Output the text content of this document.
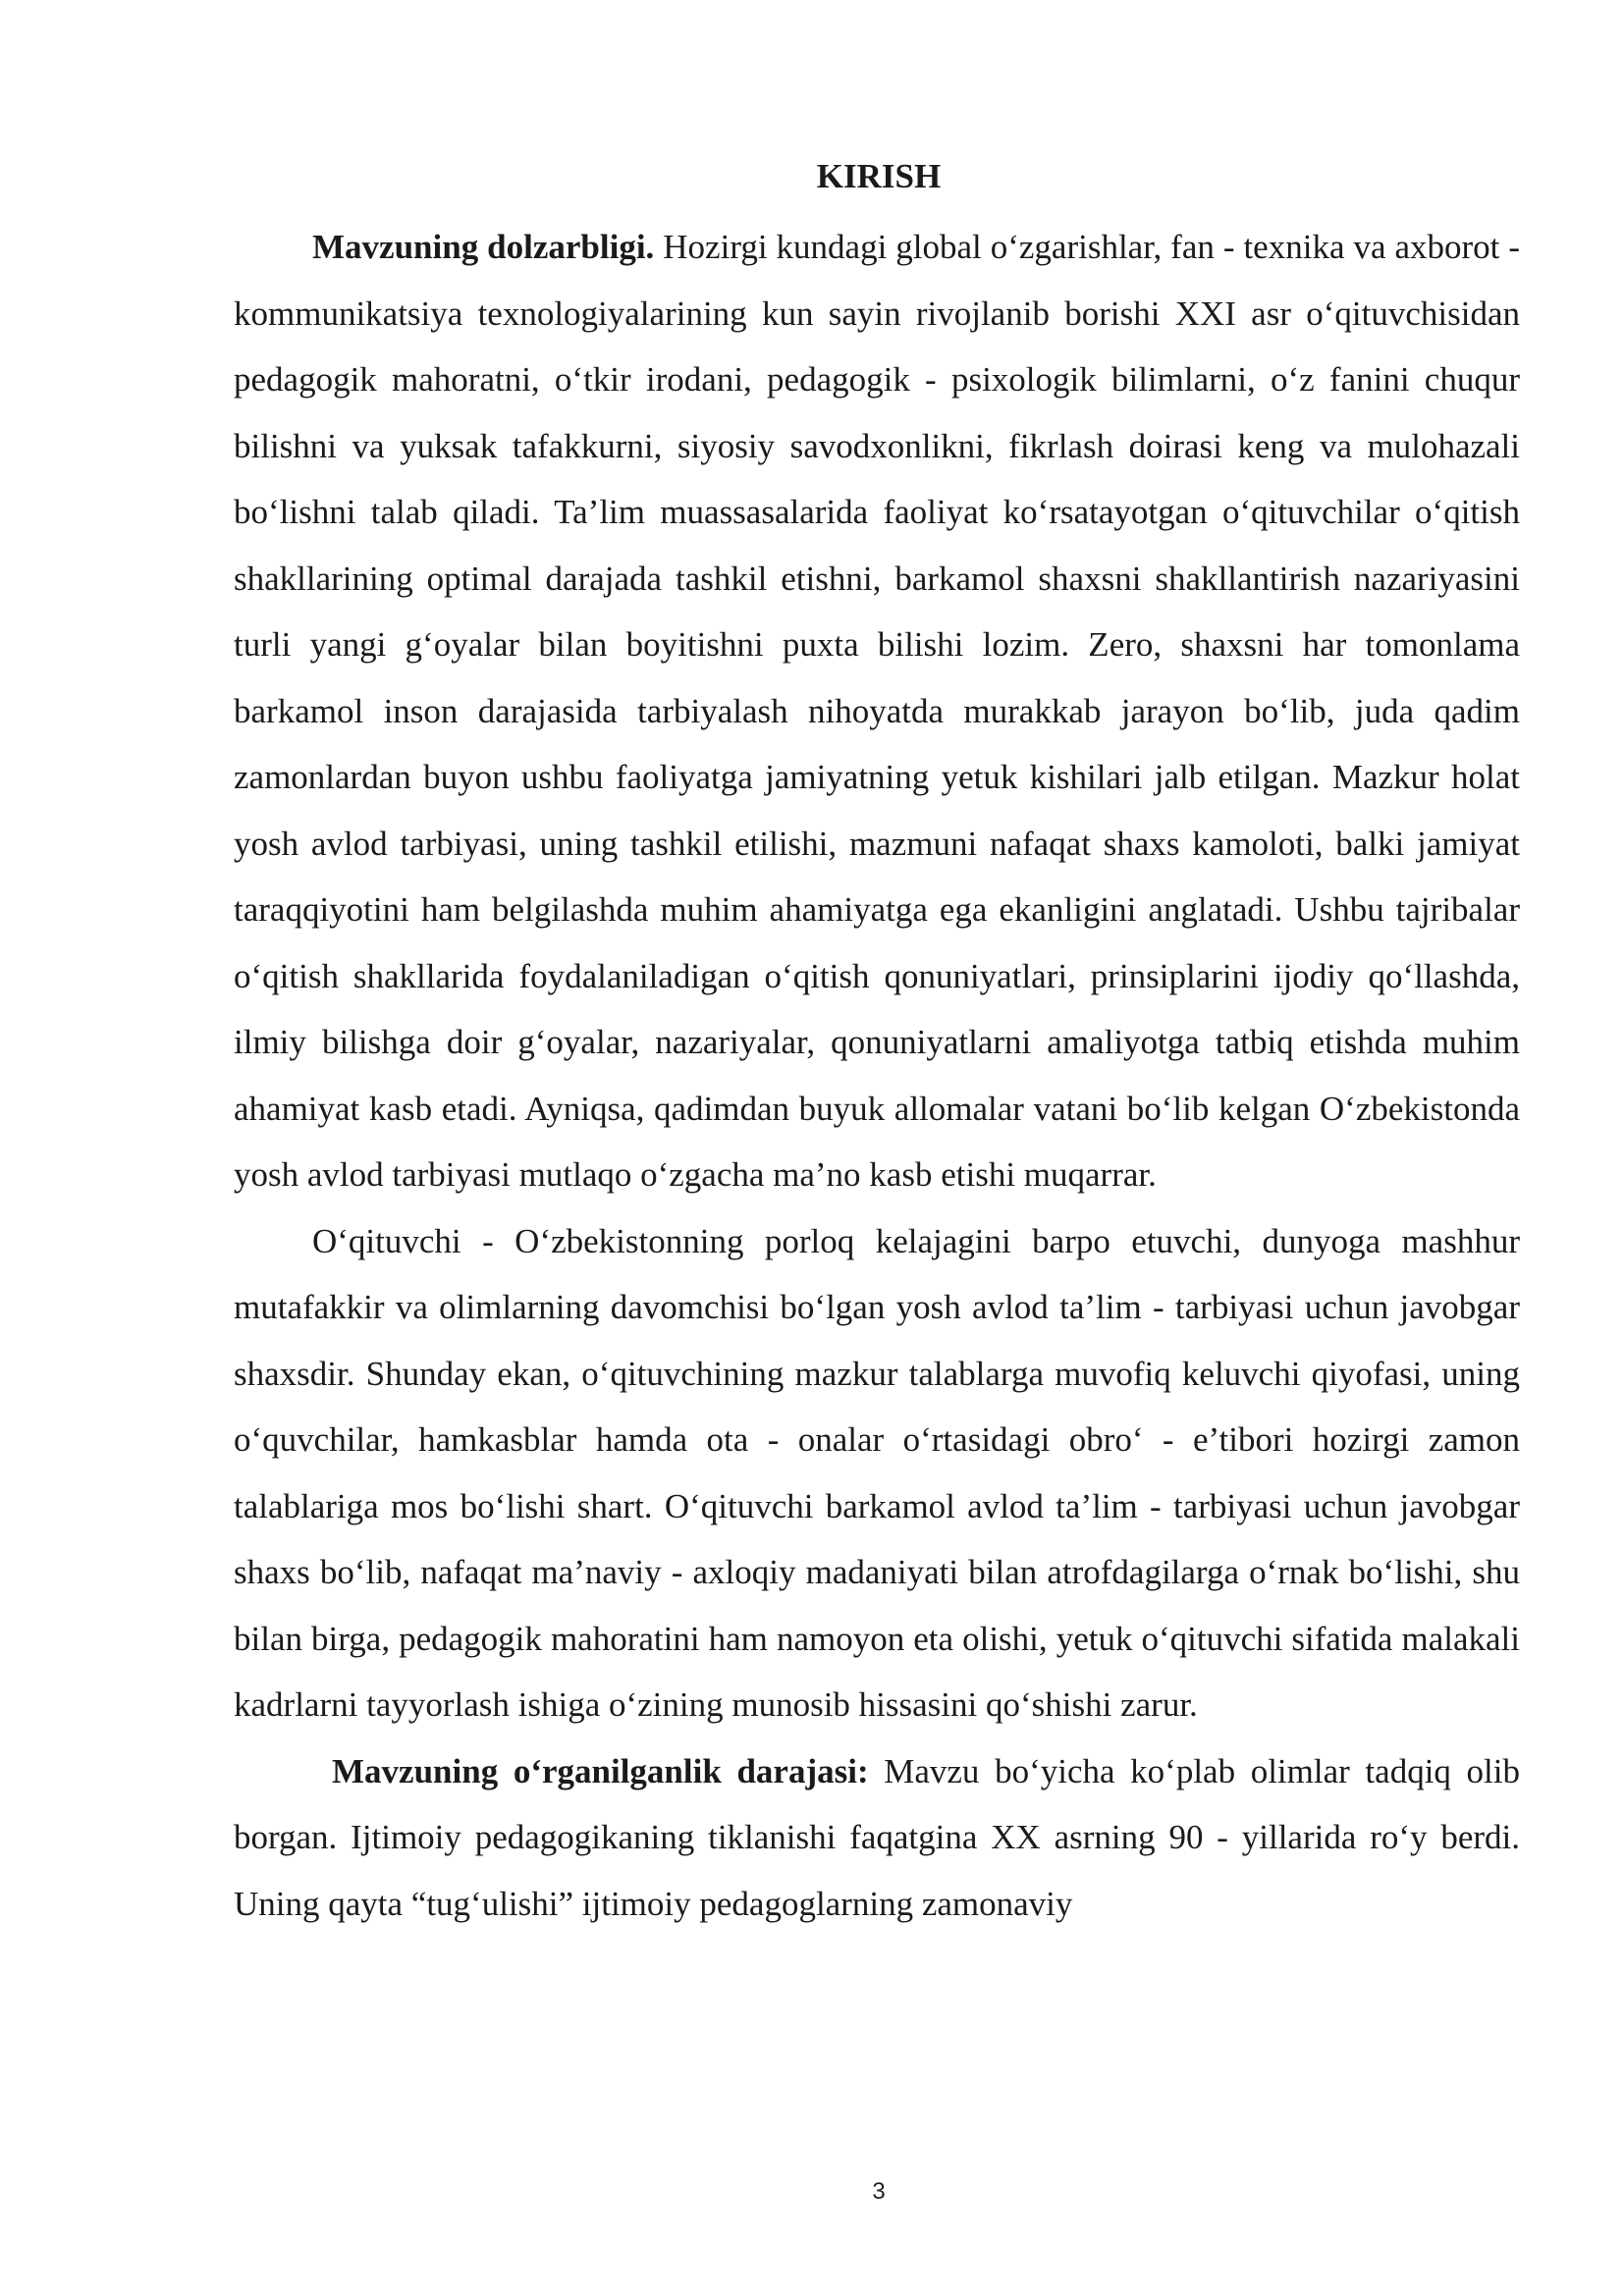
KIRISH

Mavzuning dolzarbligi. Hozirgi kundagi global o‘zgarishlar, fan - texnika va axborot - kommunikatsiya texnologiyalarining kun sayin rivojlanib borishi XXI asr o‘qituvchisidan pedagogik mahoratni, o‘tkir irodani, pedagogik - psixologik bilimlarni, o‘z fanini chuqur bilishni va yuksak tafakkurni, siyosiy savodxonlikni, fikrlash doirasi keng va mulohazali bo‘lishni talab qiladi. Ta’lim muassasalarida faoliyat ko‘rsatayotgan o‘qituvchilar o‘qitish shakllarining optimal darajada tashkil etishni, barkamol shaxsni shakllantirish nazariyasini turli yangi g‘oyalar bilan boyitishni puxta bilishi lozim. Zero, shaxsni har tomonlama barkamol inson darajasida tarbiyalash nihoyatda murakkab jarayon bo‘lib, juda qadim zamonlardan buyon ushbu faoliyatga jamiyatning yetuk kishilari jalb etilgan. Mazkur holat yosh avlod tarbiyasi, uning tashkil etilishi, mazmuni nafaqat shaxs kamoloti, balki jamiyat taraqqiyotini ham belgilashda muhim ahamiyatga ega ekanligini anglatadi. Ushbu tajribalar o‘qitish shakllarida foydalaniladigan o‘qitish qonuniyatlari, prinsiplarini ijodiy qo‘llashda, ilmiy bilishga doir g‘oyalar, nazariyalar, qonuniyatlarni amaliyotga tatbiq etishda muhim ahamiyat kasb etadi. Ayniqsa, qadimdan buyuk allomalar vatani bo‘lib kelgan O‘zbekistonda yosh avlod tarbiyasi mutlaqo o‘zgacha ma’no kasb etishi muqarrar.

O‘qituvchi - O‘zbekistonning porloq kelajagini barpo etuvchi, dunyoga mashhur mutafakkir va olimlarning davomchisi bo‘lgan yosh avlod ta’lim - tarbiyasi uchun javobgar shaxsdir. Shunday ekan, o‘qituvchining mazkur talablarga muvofiq keluvchi qiyofasi, uning o‘quvchilar, hamkasblar hamda ota - onalar o‘rtasidagi obro‘ - e’tibori hozirgi zamon talablariga mos bo‘lishi shart. O‘qituvchi barkamol avlod ta’lim - tarbiyasi uchun javobgar shaxs bo‘lib, nafaqat ma’naviy - axloqiy madaniyati bilan atrofdagilarga o‘rnak bo‘lishi, shu bilan birga, pedagogik mahoratini ham namoyon eta olishi, yetuk o‘qituvchi sifatida malakali kadrlarni tayyorlash ishiga o‘zining munosib hissasini qo‘shishi zarur.

Mavzuning o‘rganilganlik darajasi: Mavzu bo‘yicha ko‘plab olimlar tadqiq olib borgan. Ijtimoiy pedagogikaning tiklanishi faqatgina XX asrning 90 - yillarida ro‘y berdi. Uning qayta “tug‘ulishi” ijtimoiy pedagoglarning zamonaviy

3
